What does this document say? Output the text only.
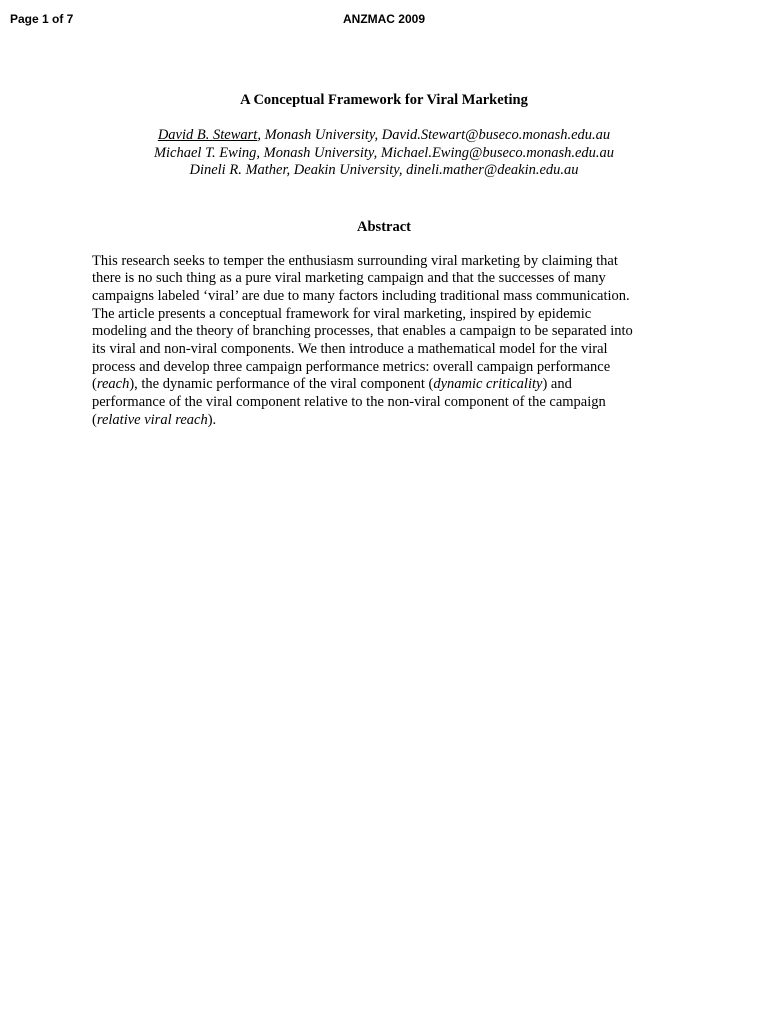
Page 1 of 7	ANZMAC 2009
A Conceptual Framework for Viral Marketing
David B. Stewart, Monash University, David.Stewart@buseco.monash.edu.au
Michael T. Ewing, Monash University, Michael.Ewing@buseco.monash.edu.au
Dineli R. Mather, Deakin University, dineli.mather@deakin.edu.au
Abstract
This research seeks to temper the enthusiasm surrounding viral marketing by claiming that
there is no such thing as a pure viral marketing campaign and that the successes of many
campaigns labeled ‘viral’ are due to many factors including traditional mass communication.
The article presents a conceptual framework for viral marketing, inspired by epidemic
modeling and the theory of branching processes, that enables a campaign to be separated into
its viral and non-viral components. We then introduce a mathematical model for the viral
process and develop three campaign performance metrics: overall campaign performance
(reach), the dynamic performance of the viral component (dynamic criticality) and
performance of the viral component relative to the non-viral component of the campaign
(relative viral reach).
